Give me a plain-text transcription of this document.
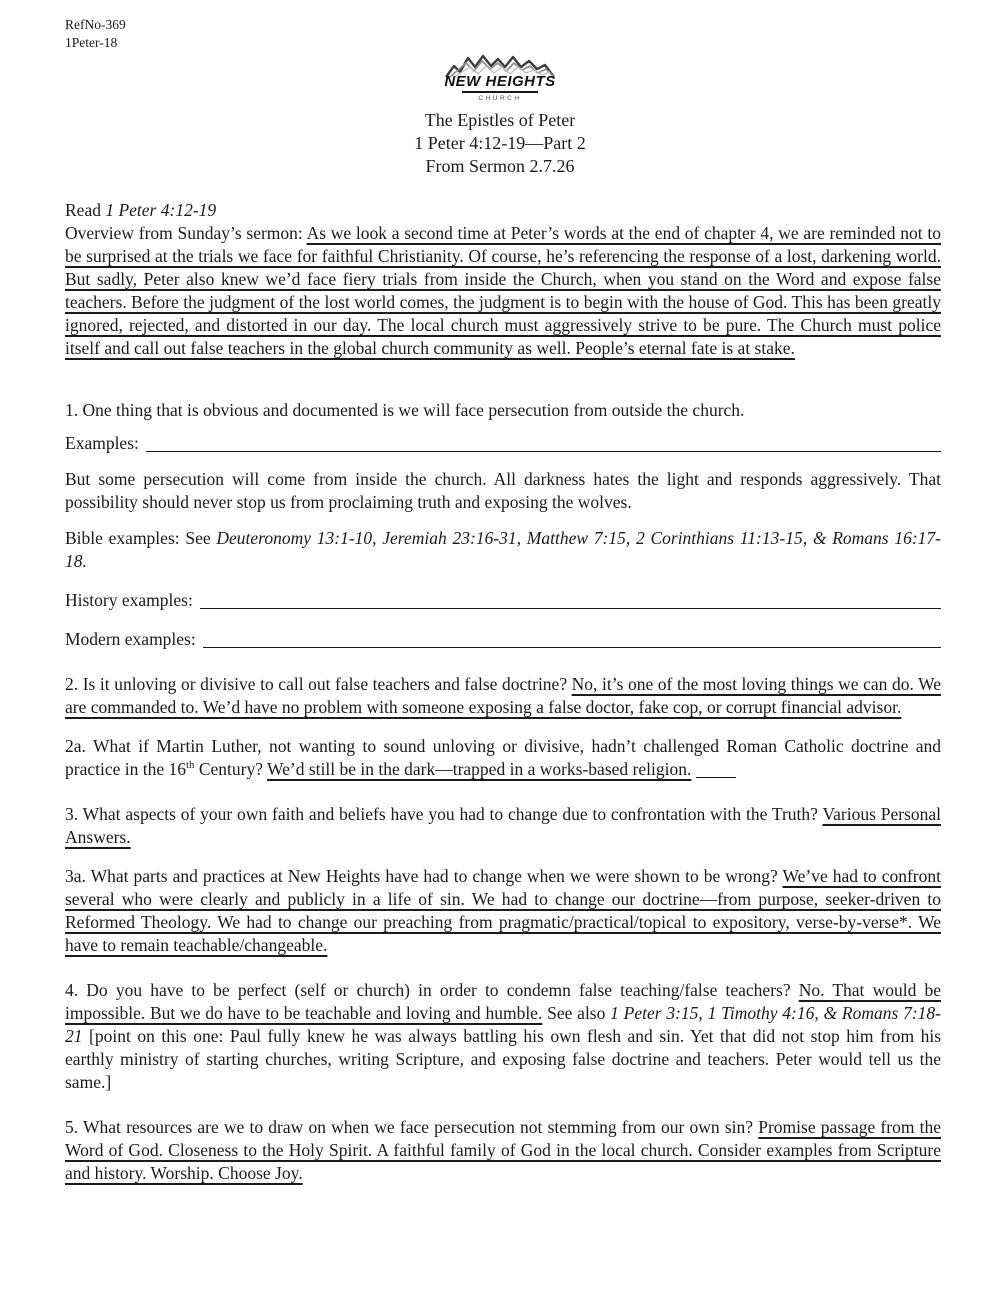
RefNo-369
1Peter-18
NEW HEIGHTS
CHURCH
The Epistles of Peter
1 Peter 4:12-19—Part 2
From Sermon 2.7.26

Read 1 Peter 4:12-19

Overview from Sunday’s sermon: As we look a second time at Peter’s words at the end of chapter 4, we are reminded not to be surprised at the trials we face for faithful Christianity. Of course, he’s referencing the response of a lost, darkening world. But sadly, Peter also knew we’d face fiery trials from inside the Church, when you stand on the Word and expose false teachers. Before the judgment of the lost world comes, the judgment is to begin with the house of God. This has been greatly ignored, rejected, and distorted in our day. The local church must aggressively strive to be pure. The Church must police itself and call out false teachers in the global church community as well. People’s eternal fate is at stake.

1. One thing that is obvious and documented is we will face persecution from outside the church.

Examples:

But some persecution will come from inside the church. All darkness hates the light and responds aggressively. That possibility should never stop us from proclaiming truth and exposing the wolves.

Bible examples: See Deuteronomy 13:1-10, Jeremiah 23:16-31, Matthew 7:15, 2 Corinthians 11:13-15, & Romans 16:17-18.

History examples:
Modern examples:

2. Is it unloving or divisive to call out false teachers and false doctrine? No, it’s one of the most loving things we can do. We are commanded to. We’d have no problem with someone exposing a false doctor, fake cop, or corrupt financial advisor.

2a. What if Martin Luther, not wanting to sound unloving or divisive, hadn’t challenged Roman Catholic doctrine and practice in the 16th Century? We’d still be in the dark—trapped in a works-based religion.

3. What aspects of your own faith and beliefs have you had to change due to confrontation with the Truth? Various Personal Answers.

3a. What parts and practices at New Heights have had to change when we were shown to be wrong? We’ve had to confront several who were clearly and publicly in a life of sin. We had to change our doctrine—from purpose, seeker-driven to Reformed Theology. We had to change our preaching from pragmatic/practical/topical to expository, verse-by-verse*. We have to remain teachable/changeable.

4. Do you have to be perfect (self or church) in order to condemn false teaching/false teachers? No. That would be impossible. But we do have to be teachable and loving and humble. See also 1 Peter 3:15, 1 Timothy 4:16, & Romans 7:18-21 [point on this one: Paul fully knew he was always battling his own flesh and sin. Yet that did not stop him from his earthly ministry of starting churches, writing Scripture, and exposing false doctrine and teachers. Peter would tell us the same.]

5. What resources are we to draw on when we face persecution not stemming from our own sin? Promise passage from the Word of God. Closeness to the Holy Spirit. A faithful family of God in the local church. Consider examples from Scripture and history. Worship. Choose Joy.
